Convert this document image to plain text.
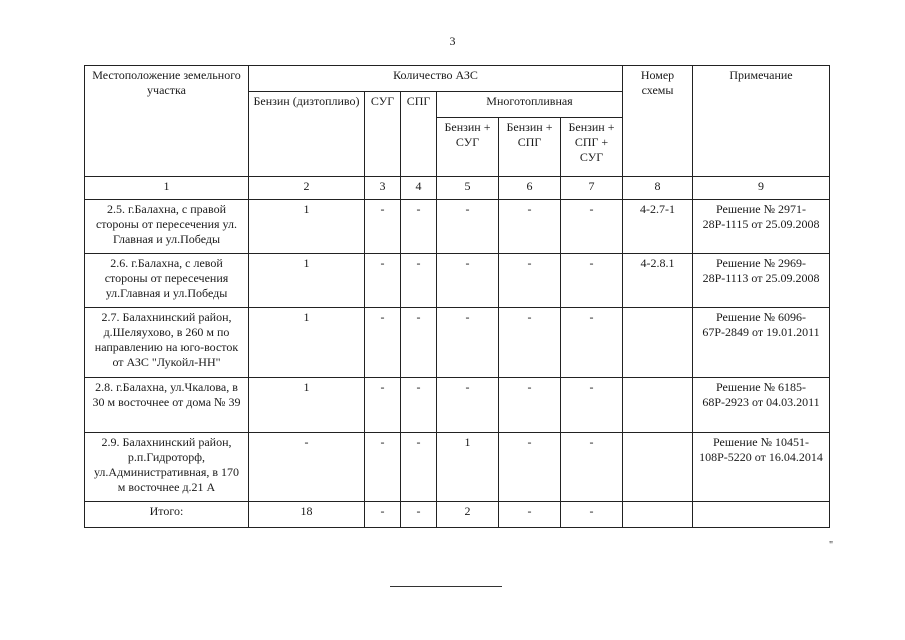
3
Местоположение земельного участка	Количество АЗС						Номер схемы	Примечание
	Бензин (дизтопливо)	СУГ	СПГ	Многотопливная				
				Бензин + СУГ	Бензин + СПГ	Бензин + СПГ + СУГ		
1	2	3	4	5	6	7	8	9
2.5. г.Балахна, с правой стороны от пересечения ул. Главная и ул.Победы	1	-	-	-	-	-	4-2.7-1	Решение № 2971-28Р-1115 от 25.09.2008
2.6. г.Балахна, с левой стороны от пересечения ул.Главная и ул.Победы	1	-	-	-	-	-	4-2.8.1	Решение № 2969-28Р-1113 от 25.09.2008
2.7. Балахнинский район, д.Шеляухово, в 260 м по направлению на юго-восток от АЗС "Лукойл-НН"	1	-	-	-	-	-		Решение № 6096-67Р-2849 от 19.01.2011
2.8. г.Балахна, ул.Чкалова, в 30 м восточнее от дома № 39	1	-	-	-	-	-		Решение № 6185-68Р-2923 от 04.03.2011
2.9. Балахнинский район, р.п.Гидроторф, ул.Административная, в 170 м восточнее д.21 А	-	-	-	1	-	-		Решение № 10451-108Р-5220 от 16.04.2014
Итого:	18	-	-	2	-	-		
"
